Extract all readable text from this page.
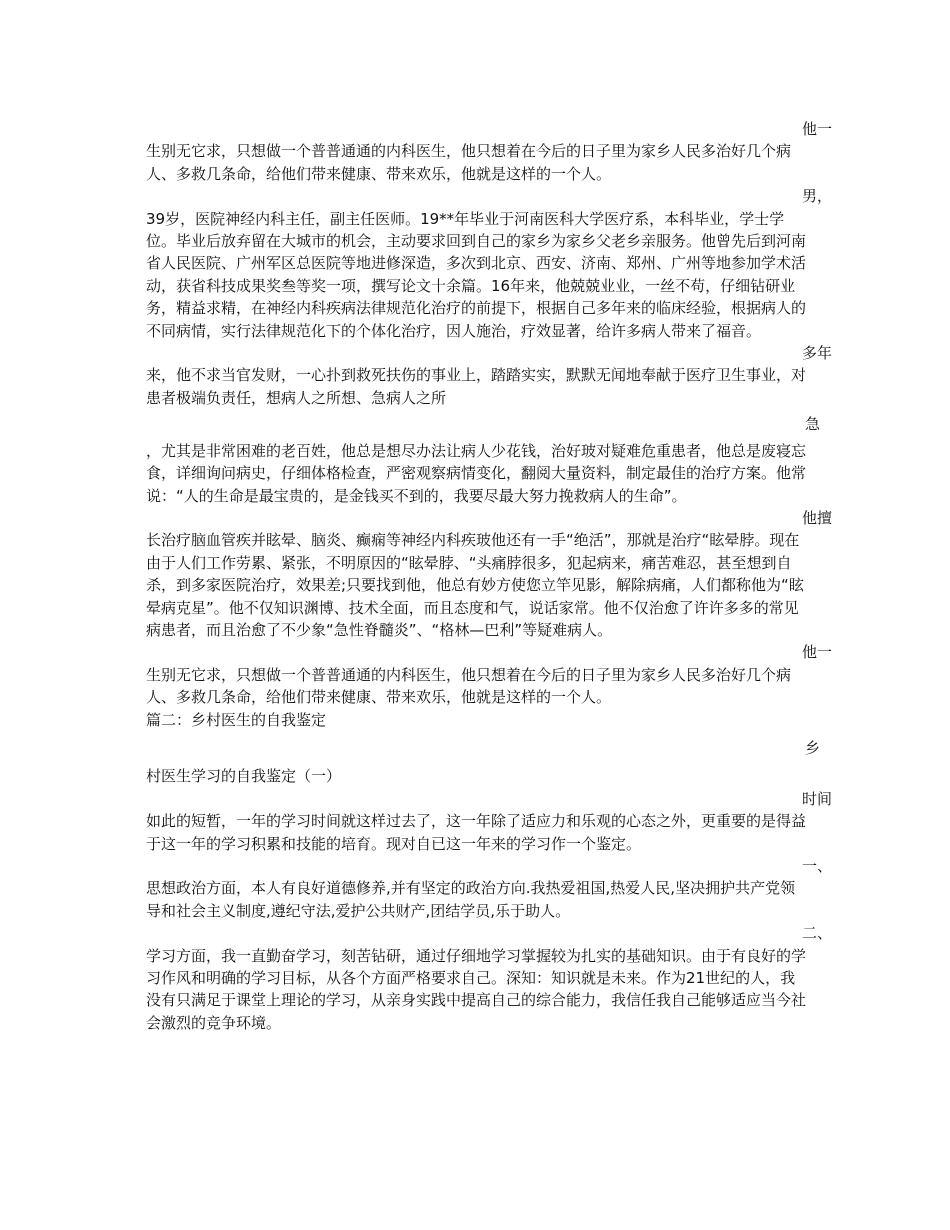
他一

生别无它求，只想做一个普普通通的内科医生，他只想着在今后的日子里为家乡人民多治好几个病人、多救几条命，给他们带来健康、带来欢乐，他就是这样的一个人。

男，

39岁，医院神经内科主任，副主任医师。19**年毕业于河南医科大学医疗系，本科毕业，学士学位。毕业后放弃留在大城市的机会，主动要求回到自己的家乡为家乡父老乡亲服务。他曾先后到河南省人民医院、广州军区总医院等地进修深造，多次到北京、西安、济南、郑州、广州等地参加学术活动，获省科技成果奖叁等奖一项，撰写论文十余篇。16年来，他兢兢业业，一丝不苟，仔细钻研业务，精益求精，在神经内科疾病法律规范化治疗的前提下，根据自己多年来的临床经验，根据病人的不同病情，实行法律规范化下的个体化治疗，因人施治，疗效显著，给许多病人带来了福音。

多年

来，他不求当官发财，一心扑到救死扶伤的事业上，踏踏实实，默默无闻地奉献于医疗卫生事业，对患者极端负责任，想病人之所想、急病人之所

急

，尤其是非常困难的老百姓，他总是想尽办法让病人少花钱，治好玻对疑难危重患者，他总是废寝忘食，详细询问病史，仔细体格检查，严密观察病情变化，翻阅大量资料，制定最佳的治疗方案。他常说：“人的生命是最宝贵的，是金钱买不到的，我要尽最大努力挽救病人的生命”。

他擅

长治疗脑血管疾并眩晕、脑炎、癫痫等神经内科疾玻他还有一手“绝活”，那就是治疗“眩晕脖。现在由于人们工作劳累、紧张，不明原因的“眩晕脖、“头痛脖很多，犯起病来，痛苦难忍，甚至想到自杀，到多家医院治疗，效果差;只要找到他，他总有妙方使您立竿见影，解除病痛，人们都称他为“眩晕病克星”。他不仅知识渊博、技术全面，而且态度和气，说话家常。他不仅治愈了许许多多的常见病患者，而且治愈了不少象“急性脊髓炎”、“格林—巴利”等疑难病人。

他一

生别无它求，只想做一个普普通通的内科医生，他只想着在今后的日子里为家乡人民多治好几个病人、多救几条命，给他们带来健康、带来欢乐，他就是这样的一个人。

篇二：乡村医生的自我鉴定

乡

村医生学习的自我鉴定（一）

时间

如此的短暂，一年的学习时间就这样过去了，这一年除了适应力和乐观的心态之外，更重要的是得益于这一年的学习积累和技能的培育。现对自已这一年来的学习作一个鉴定。

一、

思想政治方面，本人有良好道德修养,并有坚定的政治方向.我热爱祖国,热爱人民,坚决拥护共产党领导和社会主义制度,遵纪守法,爱护公共财产,团结学员,乐于助人。

二、

学习方面，我一直勤奋学习，刻苦钻研，通过仔细地学习掌握较为扎实的基础知识。由于有良好的学习作风和明确的学习目标，从各个方面严格要求自己。深知：知识就是未来。作为21世纪的人，我没有只满足于课堂上理论的学习，从亲身实践中提高自己的综合能力，我信任我自己能够适应当今社会激烈的竞争环境。
